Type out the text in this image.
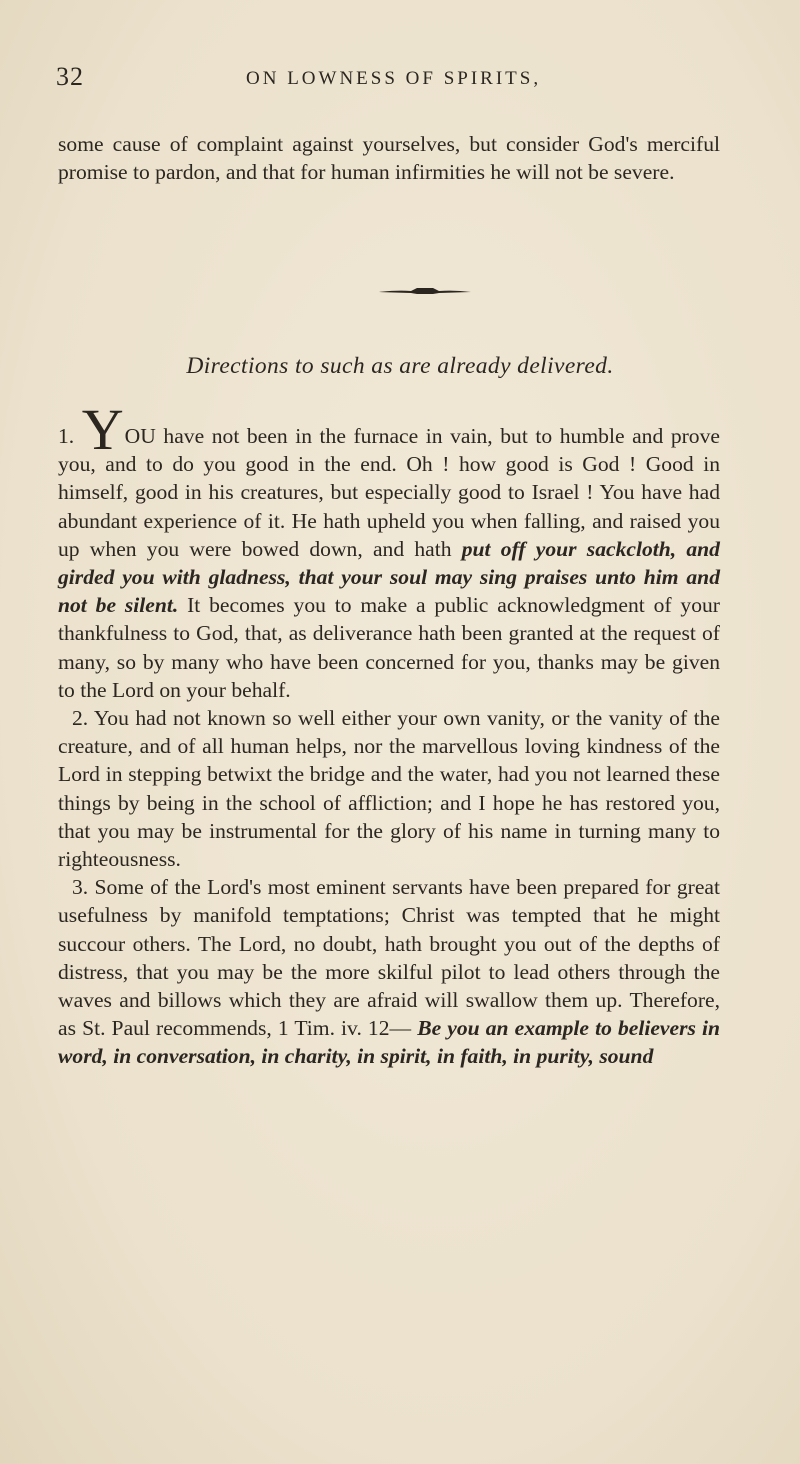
32	ON LOWNESS OF SPIRITS,
some cause of complaint against yourselves, but consider God's merciful promise to pardon, and that for human infirmities he will not be severe.
Directions to such as are already delivered.

1. YOU have not been in the furnace in vain, but to humble and prove you, and to do you good in the end. Oh ! how good is God ! Good in himself, good in his creatures, but especially good to Israel ! You have had abundant experience of it. He hath upheld you when falling, and raised you up when you were bowed down, and hath put off your sackcloth, and girded you with gladness, that your soul may sing praises unto him and not be silent. It becomes you to make a public acknowledgment of your thankfulness to God, that, as deliverance hath been granted at the request of many, so by many who have been concerned for you, thanks may be given to the Lord on your behalf.

2. You had not known so well either your own vanity, or the vanity of the creature, and of all human helps, nor the marvellous loving kindness of the Lord in stepping betwixt the bridge and the water, had you not learned these things by being in the school of affliction; and I hope he has restored you, that you may be instrumental for the glory of his name in turning many to righteousness.

3. Some of the Lord's most eminent servants have been prepared for great usefulness by manifold temptations; Christ was tempted that he might succour others. The Lord, no doubt, hath brought you out of the depths of distress, that you may be the more skilful pilot to lead others through the waves and billows which they are afraid will swallow them up. Therefore, as St. Paul recommends, 1 Tim. iv. 12— Be you an example to believers in word, in conversation, in charity, in spirit, in faith, in purity, sound
